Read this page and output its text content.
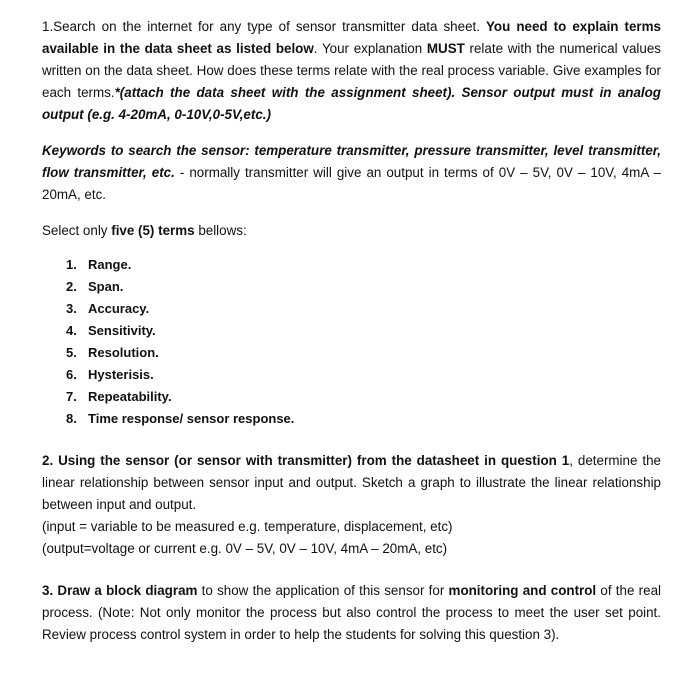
1.Search on the internet for any type of sensor transmitter data sheet. You need to explain terms available in the data sheet as listed below. Your explanation MUST relate with the numerical values written on the data sheet. How does these terms relate with the real process variable. Give examples for each terms.*(attach the data sheet with the assignment sheet). Sensor output must in analog output (e.g. 4-20mA, 0-10V,0-5V,etc.)

Keywords to search the sensor: temperature transmitter, pressure transmitter, level transmitter, flow transmitter, etc. - normally transmitter will give an output in terms of 0V – 5V, 0V – 10V, 4mA – 20mA, etc.

Select only five (5) terms bellows:

1. Range.
2. Span.
3. Accuracy.
4. Sensitivity.
5. Resolution.
6. Hysterisis.
7. Repeatability.
8. Time response/ sensor response.

2. Using the sensor (or sensor with transmitter) from the datasheet in question 1, determine the linear relationship between sensor input and output. Sketch a graph to illustrate the linear relationship between input and output.

(input = variable to be measured e.g. temperature, displacement, etc)

(output=voltage or current e.g. 0V – 5V, 0V – 10V, 4mA – 20mA, etc)

3. Draw a block diagram to show the application of this sensor for monitoring and control of the real process. (Note: Not only monitor the process but also control the process to meet the user set point. Review process control system in order to help the students for solving this question 3).
